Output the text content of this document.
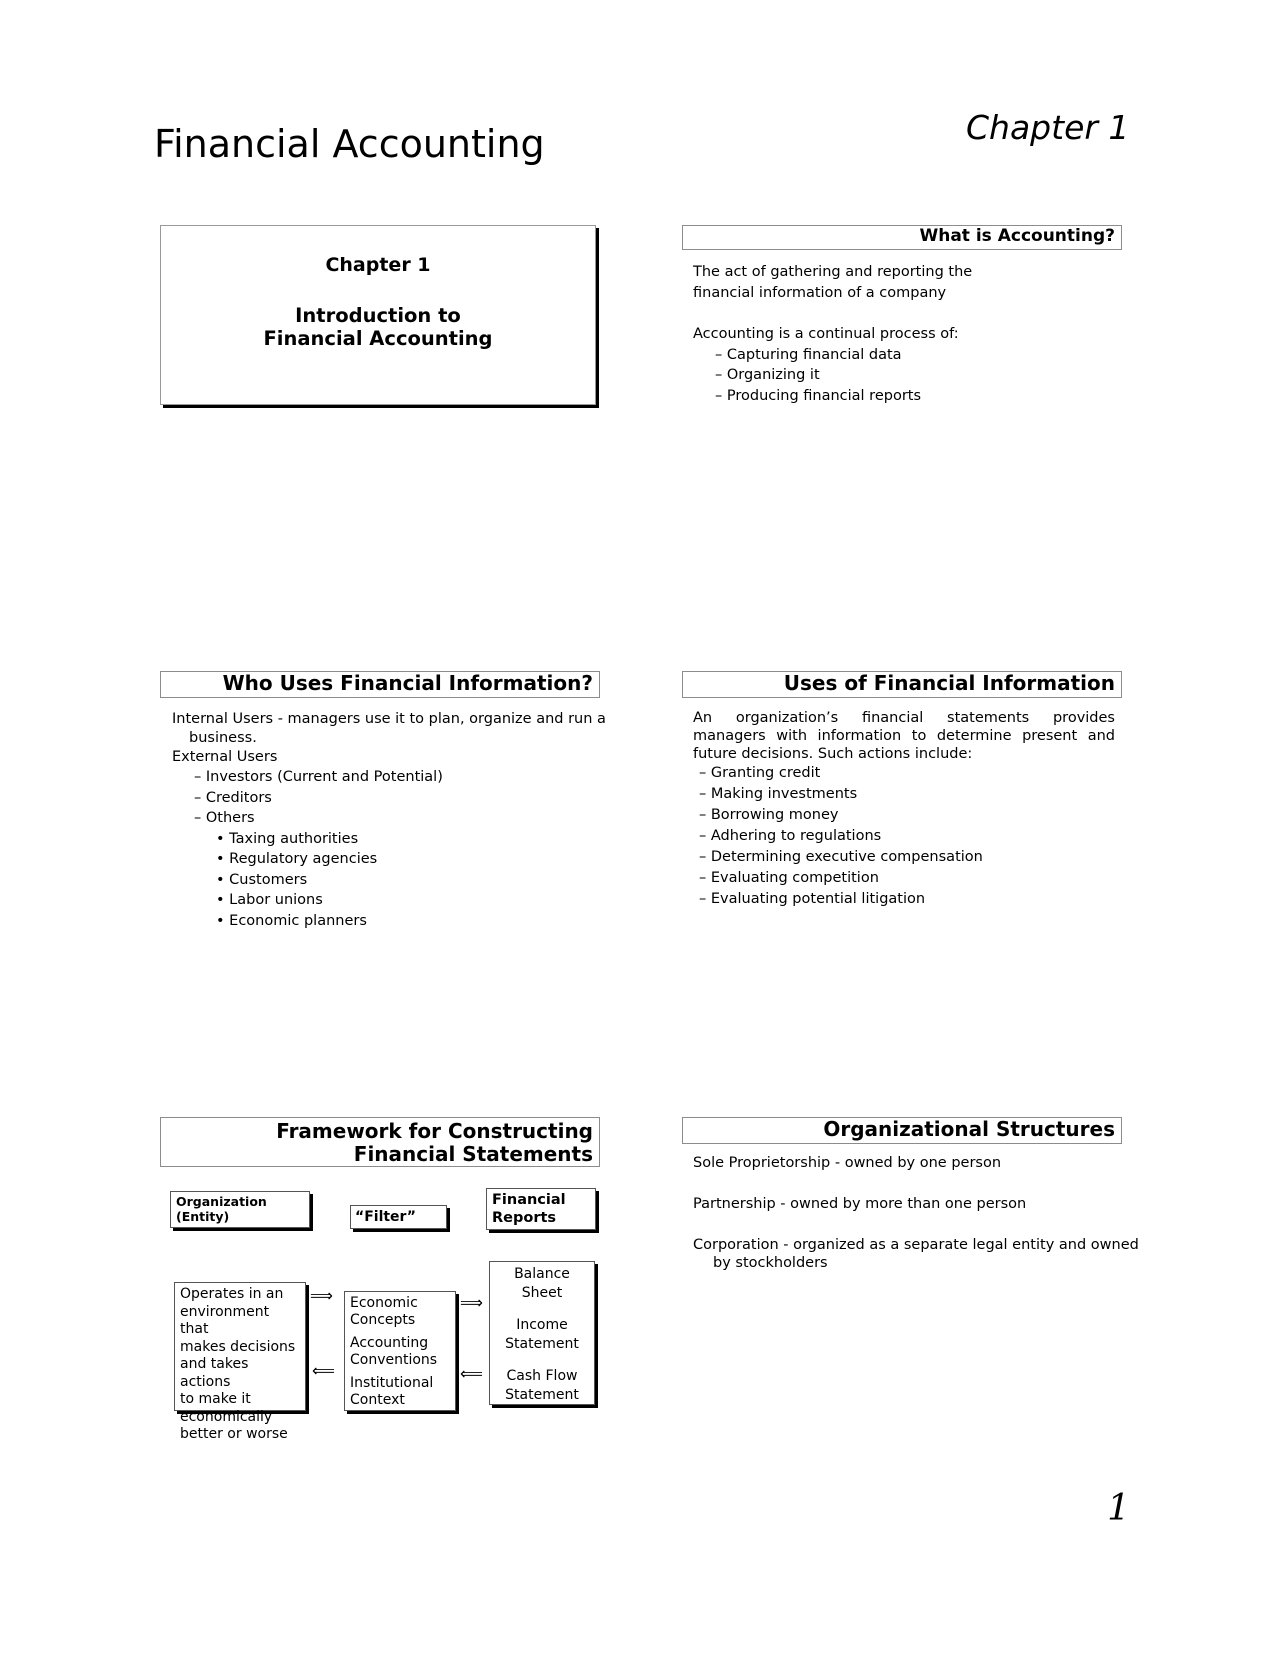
Financial Accounting	Chapter 1
Chapter 1
Introduction to
Financial Accounting
What is Accounting?
The act of gathering and reporting the
financial information of a company
Accounting is a continual process of:
– Capturing financial data
– Organizing it
– Producing financial reports
Who Uses Financial Information?
Internal Users - managers use it to plan, organize and run a
business.
External Users
– Investors (Current and Potential)
– Creditors
– Others
• Taxing authorities
• Regulatory agencies
• Customers
• Labor unions
• Economic planners
Uses of Financial Information
An organization’s financial statements provides managers with information to determine present and future decisions. Such actions include:
– Granting credit
– Making investments
– Borrowing money
– Adhering to regulations
– Determining executive compensation
– Evaluating competition
– Evaluating potential litigation
Framework for Constructing
Financial Statements
Organization
(Entity)	“Filter”
Financial
Reports
Operates in an
environment that
makes decisions
and takes actions
to make it
economically
better or worse
Economic
Concepts
Accounting
Conventions
Institutional
Context
Balance Sheet
Income
Statement
Cash Flow
Statement
⟹
⟸
⟹
⟸
Organizational Structures
Sole Proprietorship - owned by one person
Partnership - owned by more than one person
Corporation - organized as a separate legal entity and owned
by stockholders
1
